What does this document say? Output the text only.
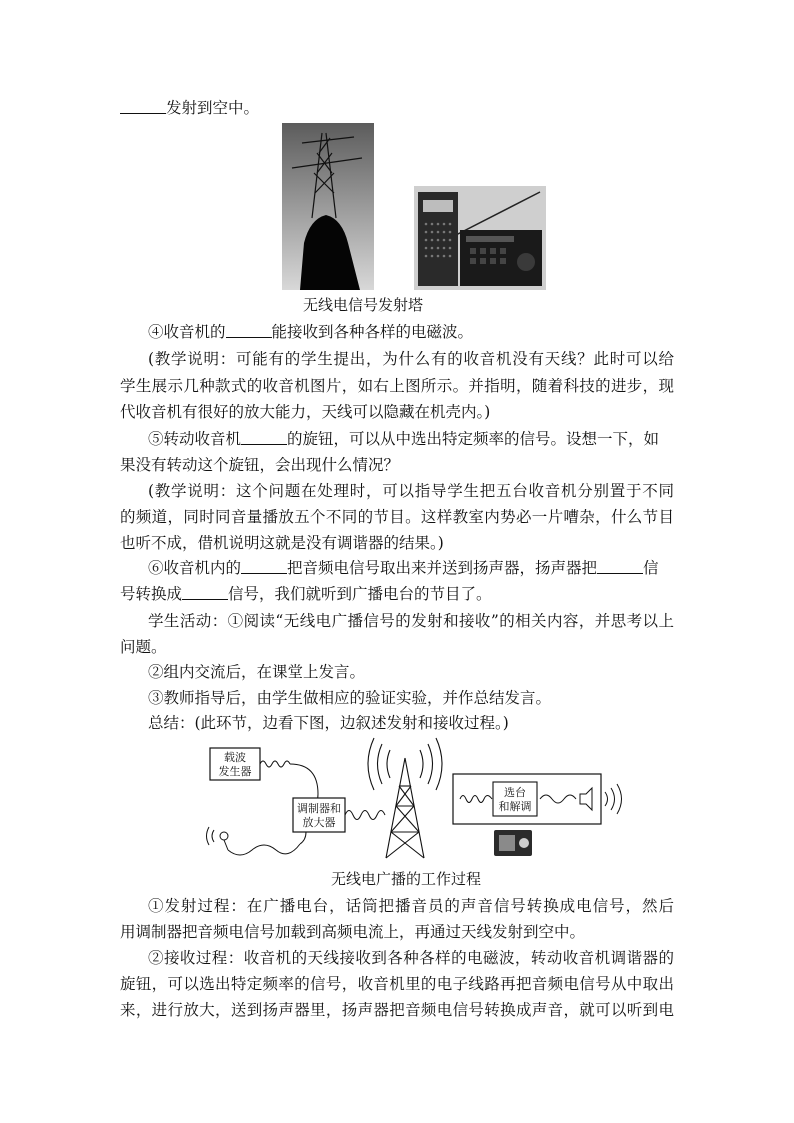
发射到空中。
无线电信号发射塔
④收音机的	能接收到各种各样的电磁波。
(教学说明：可能有的学生提出，为什么有的收音机没有天线？此时可以给
学生展示几种款式的收音机图片，如右上图所示。并指明，随着科技的进步，现
代收音机有很好的放大能力，天线可以隐藏在机壳内。)
⑤转动收音机	的旋钮，可以从中选出特定频率的信号。设想一下，如
果没有转动这个旋钮，会出现什么情况？
(教学说明：这个问题在处理时，可以指导学生把五台收音机分别置于不同
的频道，同时同音量播放五个不同的节目。这样教室内势必一片嘈杂，什么节目
也听不成，借机说明这就是没有调谐器的结果。)
⑥收音机内的	把音频电信号取出来并送到扬声器，扬声器把	信
号转换成	信号，我们就听到广播电台的节目了。
学生活动：①阅读“无线电广播信号的发射和接收”的相关内容，并思考以上
问题。
②组内交流后，在课堂上发言。
③教师指导后，由学生做相应的验证实验，并作总结发言。
总结：(此环节，边看下图，边叙述发射和接收过程。)
载波
发生器
调制器和
放大器
选台
和解调
无线电广播的工作过程
①发射过程：在广播电台，话筒把播音员的声音信号转换成电信号，然后
用调制器把音频电信号加载到高频电流上，再通过天线发射到空中。
②接收过程：收音机的天线接收到各种各样的电磁波，转动收音机调谐器的
旋钮，可以选出特定频率的信号，收音机里的电子线路再把音频电信号从中取出
来，进行放大，送到扬声器里，扬声器把音频电信号转换成声音，就可以听到电
